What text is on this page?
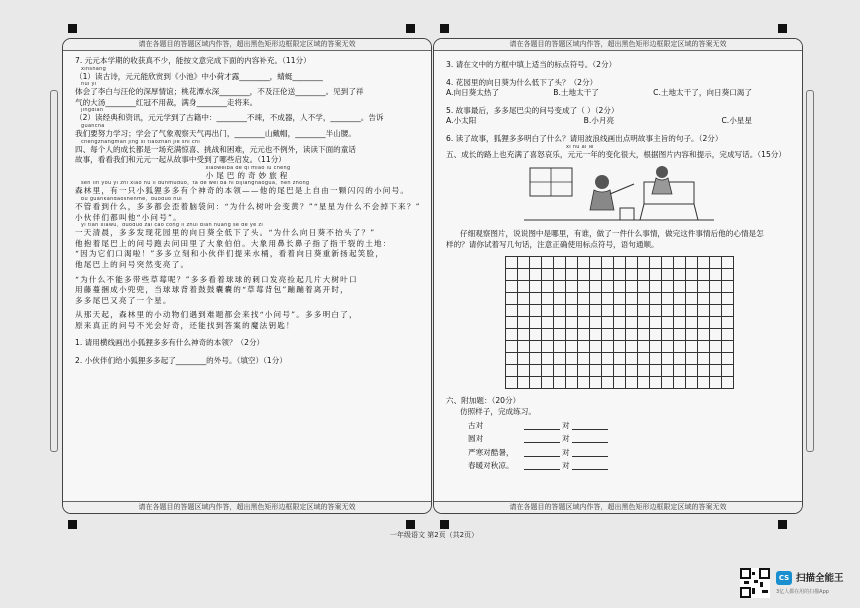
请在各题目的答题区域内作答，超出黑色矩形边框限定区域的答案无效
7. 元元本学期的收获真不少，能按文意完成下面的内容补充。（11分）
xīnshǎng
（1）读古诗，元元能欣赏到《小池》中小荷才露________，蜻蜓________
huì yì
体会了李白与汪伦的深厚情谊；桃花潭水深________，不及汪伦送________。见到了祥
气的大汤________红冠不用裁，满身________走将来。
jīngdiǎn
（2）读经典和资讯，元元学到了古籍中：________不竦，不成器，人不学，________。告诉
guānchá
我们要努力学习；学会了气象观察天气再出门，________山戴帽，________半山腰。
chéngzhǎngmǎn jīng xī tiāozhàn jiě shì chǐ
四、每个人的成长都是一场充满惊喜、挑战和困难，元元也不例外，读读下面的童话
故事，看看我们和元元一起从故事中受到了哪些启发。（11分）
xiǎowěiba de qí miào lǚ chéng
小尾巴的奇妙旅程
sēn lín yǒu yì zhī xiǎo hú lí dūnmǔduō，tā de wěi ba nǐ bǐjiàngnǎoguà，hěn zhòng
森林里，有一只小狐狸多多有个神奇的本领——他的尾巴是上自由一颗闪闪的小问号。
bù guǎnkàndàoshénme，duōduō huì
不管看到什么，多多都会歪着脑袋问：“为什么树叶会变黄？”“星星为什么不会掉下来？”
小伙伴们都叫他“小问号”。
yì tiān xiàwǔ，duōduō zài cǎo cóng lǐ zhuī biàn huáng sè de yè zi
一天清晨，多多发现花园里的向日葵全低下了头。“为什么向日葵不抬头了？”
他抱着尾巴上的问号跑去问田里了大象伯伯。大象用鼻长鼻子指了指干裂的土地：
“因为它们口渴啦！”多多立刻和小伙伴们提来水桶，看着向日葵重新扬起笑脸，
他尾巴上的问号突然变亮了。
“为什么不能多带些草莓呢？”多多看着球球的刺口发亮捡起几片大树叶口
用藤蔓捆成小兜兜，当球球背着鼓鼓囊囊的“草莓背包”蹦蹦着离开时，
多多尾巴又亮了一个星。
从那天起，森林里的小动物们遇到难题都会来找“小问号”。多多明白了，
原来真正的问号不光会好奇，还能找到答案的魔法钥匙！
1. 请用横线画出小狐狸多多有什么神奇的本领？（2分）
2. 小伙伴们给小狐狸多多起了________的外号。（填空）（1分）
请在各题目的答题区域内作答，超出黑色矩形边框限定区域的答案无效
请在各题目的答题区域内作答，超出黑色矩形边框限定区域的答案无效
3. 请在文中的方框中填上适当的标点符号。（2分）
4. 花园里的向日葵为什么低下了头？（2分）
A.向日葵太热了	B.土地太干了	C.土地太干了，向日葵口渴了
5. 故事最后，多多尾巴尖的问号变成了（ ）（2分）
A.小太阳	B.小月亮	C.小星星
6. 读了故事，狐狸多多明白了什么？请用波浪线画出点明故事主旨的句子。（2分）
xǐ nù āi lè
五、成长的路上也充满了喜怒哀乐，元元一年的变化很大，根据图片内容和提示，完成写话。（15分）
仔细观察图片，说说图中是哪里，有谁，做了一件什么事情，做完这件事情后他的心情是怎
样的？请你试着写几句话，注意正确使用标点符号，语句通顺。
六、附加题：（20分）
仿照样子，完成练习。
古对	对
圆对	对
严寒对酷暑，	对
春暖对秋凉。	对
请在各题目的答题区域内作答，超出黑色矩形边框限定区域的答案无效
一年级语文 第2页（共2页）
CS 扫描全能王
3亿人都在用的扫描App
